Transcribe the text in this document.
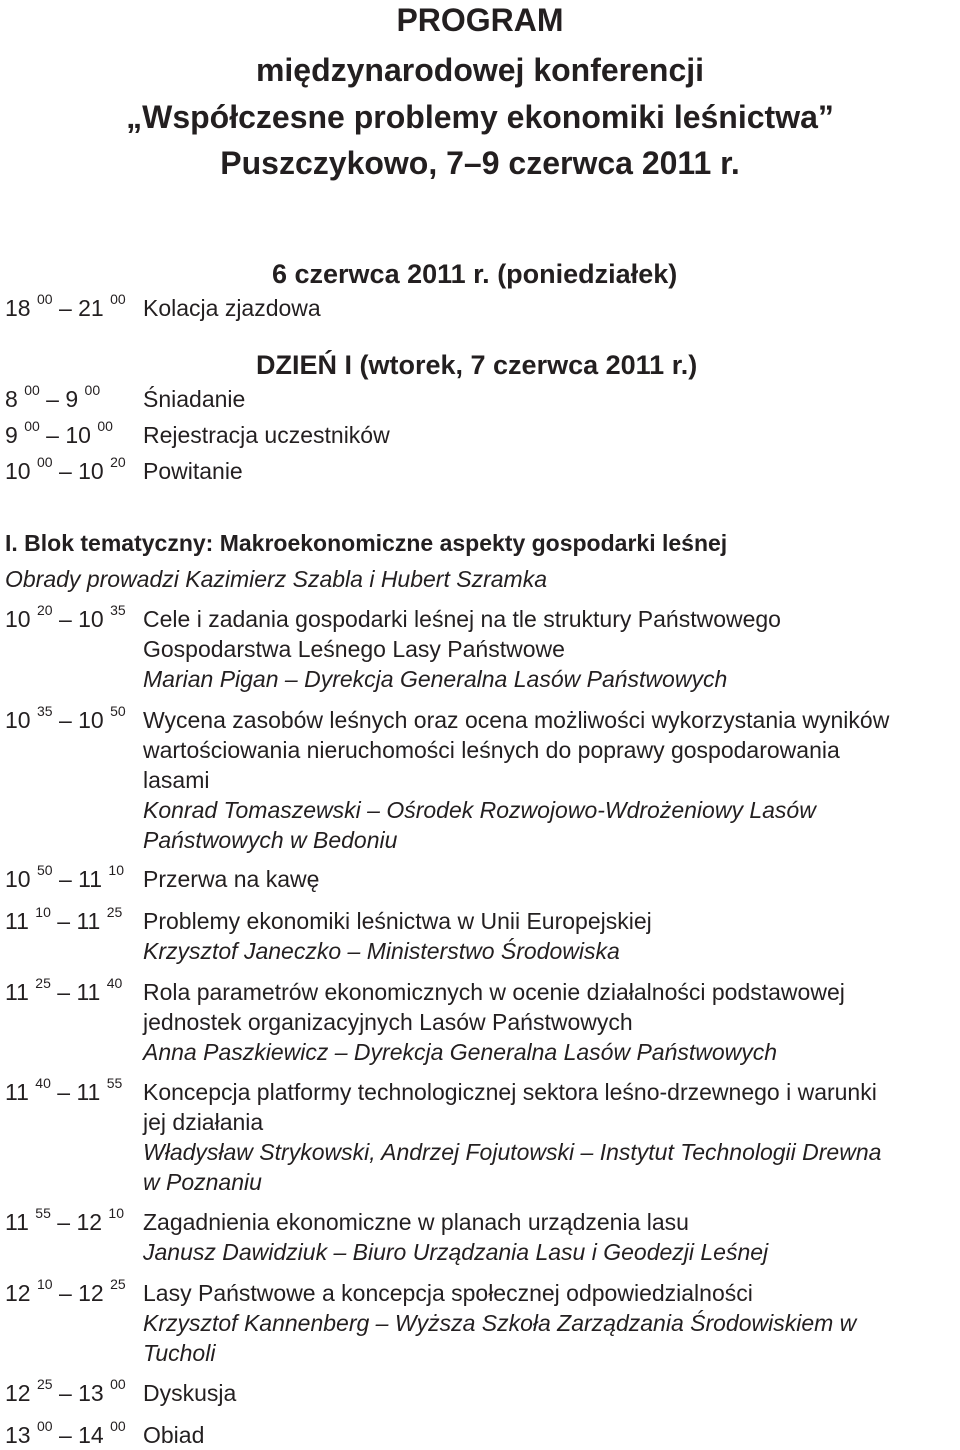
PROGRAM
międzynarodowej konferencji
„Współczesne problemy ekonomiki leśnictwa”
Puszczykowo, 7–9 czerwca 2011 r.
6 czerwca 2011 r. (poniedziałek)
18 $^{00}$ – 21 $^{00}$ Kolacja zjazdowa
DZIEŃ I (wtorek, 7 czerwca 2011 r.)
8 $^{00}$ – 9 $^{00}$ Śniadanie
9 $^{00}$ – 10 $^{00}$ Rejestracja uczestników
10 $^{00}$ – 10 $^{20}$ Powitanie
I. Blok tematyczny: Makroekonomiczne aspekty gospodarki leśnej
Obrady prowadzi Kazimierz Szabla i Hubert Szramka
10 $^{20}$ – 10 $^{35}$ Cele i zadania gospodarki leśnej na tle struktury Państwowego
Gospodarstwa Leśnego Lasy Państwowe
Marian Pigan – Dyrekcja Generalna Lasów Państwowych
10 $^{35}$ – 10 $^{50}$ Wycena zasobów leśnych oraz ocena możliwości wykorzystania wyników
wartościowania nieruchomości leśnych do poprawy gospodarowania
lasami
Konrad Tomaszewski – Ośrodek Rozwojowo-Wdrożeniowy Lasów
Państwowych w Bedoniu
10 $^{50}$ – 11 $^{10}$ Przerwa na kawę
11 $^{10}$ – 11 $^{25}$ Problemy ekonomiki leśnictwa w Unii Europejskiej
Krzysztof Janeczko – Ministerstwo Środowiska
11 $^{25}$ – 11 $^{40}$ Rola parametrów ekonomicznych w ocenie działalności podstawowej
jednostek organizacyjnych Lasów Państwowych
Anna Paszkiewicz – Dyrekcja Generalna Lasów Państwowych
11 $^{40}$ – 11 $^{55}$ Koncepcja platformy technologicznej sektora leśno-drzewnego i warunki
jej działania
Władysław Strykowski, Andrzej Fojutowski – Instytut Technologii Drewna
w Poznaniu
11 $^{55}$ – 12 $^{10}$ Zagadnienia ekonomiczne w planach urządzenia lasu
Janusz Dawidziuk – Biuro Urządzania Lasu i Geodezji Leśnej
12 $^{10}$ – 12 $^{25}$ Lasy Państwowe a koncepcja społecznej odpowiedzialności
Krzysztof Kannenberg – Wyższa Szkoła Zarządzania Środowiskiem w
Tucholi
12 $^{25}$ – 13 $^{00}$ Dyskusja
13 $^{00}$ – 14 $^{00}$ Obiad
